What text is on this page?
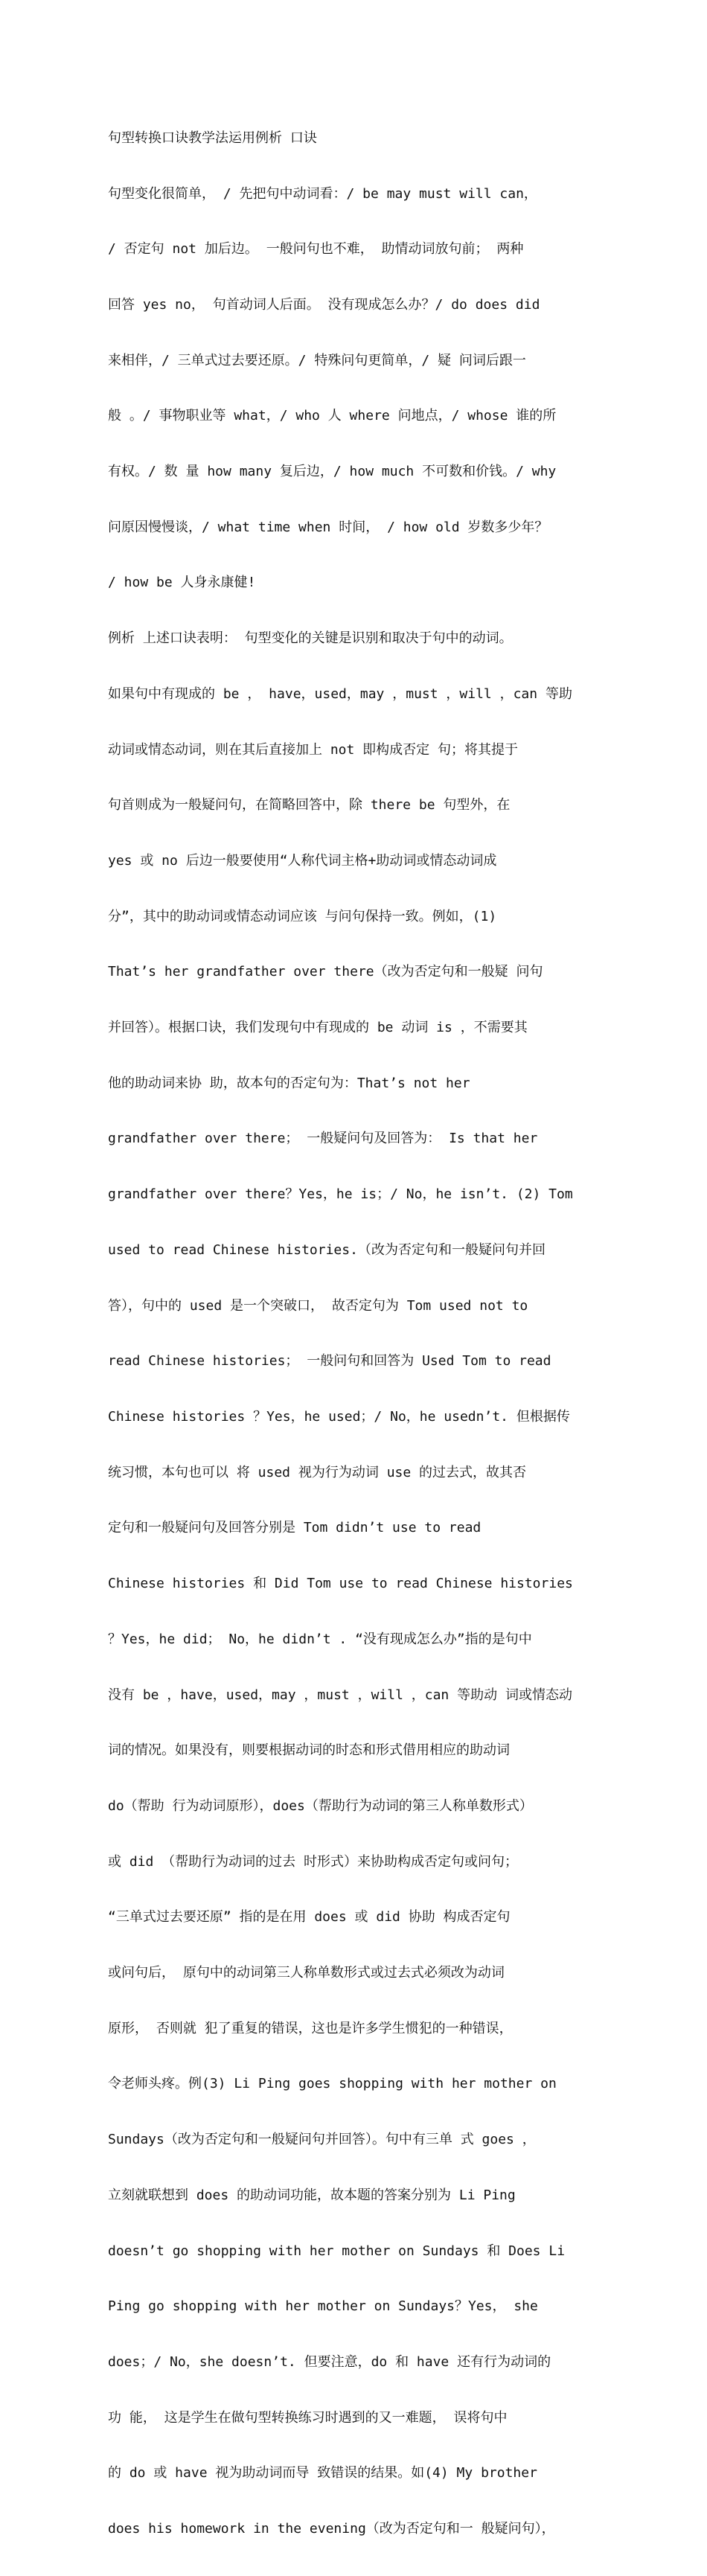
句型转换口诀教学法运用例析 口诀

句型变化很简单， / 先把句中动词看：/ be may must will can，

/ 否定句 not 加后边。 一般问句也不难， 助情动词放句前； 两种

回答 yes no， 句首动词人后面。 没有现成怎么办？/ do does did

来相伴，/ 三单式过去要还原。/ 特殊问句更简单，/ 疑 问词后跟一

般 。/ 事物职业等 what，/ who 人 where 问地点，/ whose 谁的所

有权。/ 数 量 how many 复后边，/ how much 不可数和价钱。/ why

问原因慢慢谈，/ what time when 时间， / how old 岁数多少年？

/ how be 人身永康健!

例析 上述口诀表明： 句型变化的关键是识别和取决于句中的动词。

如果句中有现成的 be ， have，used，may ，must ，will ，can 等助

动词或情态动词，则在其后直接加上 not 即构成否定 句；将其提于

句首则成为一般疑问句，在简略回答中，除 there be 句型外，在

yes 或 no 后边一般要使用“人称代词主格+助动词或情态动词成

分”，其中的助动词或情态动词应该 与问句保持一致。例如，(1)

That’s her grandfather over there（改为否定句和一般疑 问句

并回答）。根据口诀，我们发现句中有现成的 be 动词 is ，不需要其

他的助动词来协 助，故本句的否定句为：That’s not her

grandfather over there； 一般疑问句及回答为： Is that her

grandfather over there？Yes，he is；/ No，he isn’t. (2) Tom

used to read Chinese histories.（改为否定句和一般疑问句并回

答），句中的 used 是一个突破口， 故否定句为 Tom used not to

read Chinese histories； 一般问句和回答为 Used Tom to read

Chinese histories ？Yes，he used；/ No，he usedn’t. 但根据传

统习惯，本句也可以 将 used 视为行为动词 use 的过去式，故其否

定句和一般疑问句及回答分别是 Tom didn’t use to read

Chinese histories 和 Did Tom use to read Chinese histories

？Yes，he did； No，he didn’t . “没有现成怎么办”指的是句中

没有 be ，have，used，may ，must ，will ，can 等助动 词或情态动

词的情况。如果没有，则要根据动词的时态和形式借用相应的助动词

do（帮助 行为动词原形），does（帮助行为动词的第三人称单数形式）

或 did （帮助行为动词的过去 时形式）来协助构成否定句或问句；

“三单式过去要还原” 指的是在用 does 或 did 协助 构成否定句

或问句后， 原句中的动词第三人称单数形式或过去式必须改为动词

原形， 否则就 犯了重复的错误，这也是许多学生惯犯的一种错误，

令老师头疼。例(3) Li Ping goes shopping with her mother on

Sundays（改为否定句和一般疑问句并回答）。句中有三单 式 goes ，

立刻就联想到 does 的助动词功能，故本题的答案分别为 Li Ping

doesn’t go shopping with her mother on Sundays 和 Does Li

Ping go shopping with her mother on Sundays？Yes， she

does；/ No，she doesn’t. 但要注意，do 和 have 还有行为动词的

功 能， 这是学生在做句型转换练习时遇到的又一难题， 误将句中

的 do 或 have 视为助动词而导 致错误的结果。如(4) My brother

does his homework in the evening（改为否定句和一 般疑问句），
